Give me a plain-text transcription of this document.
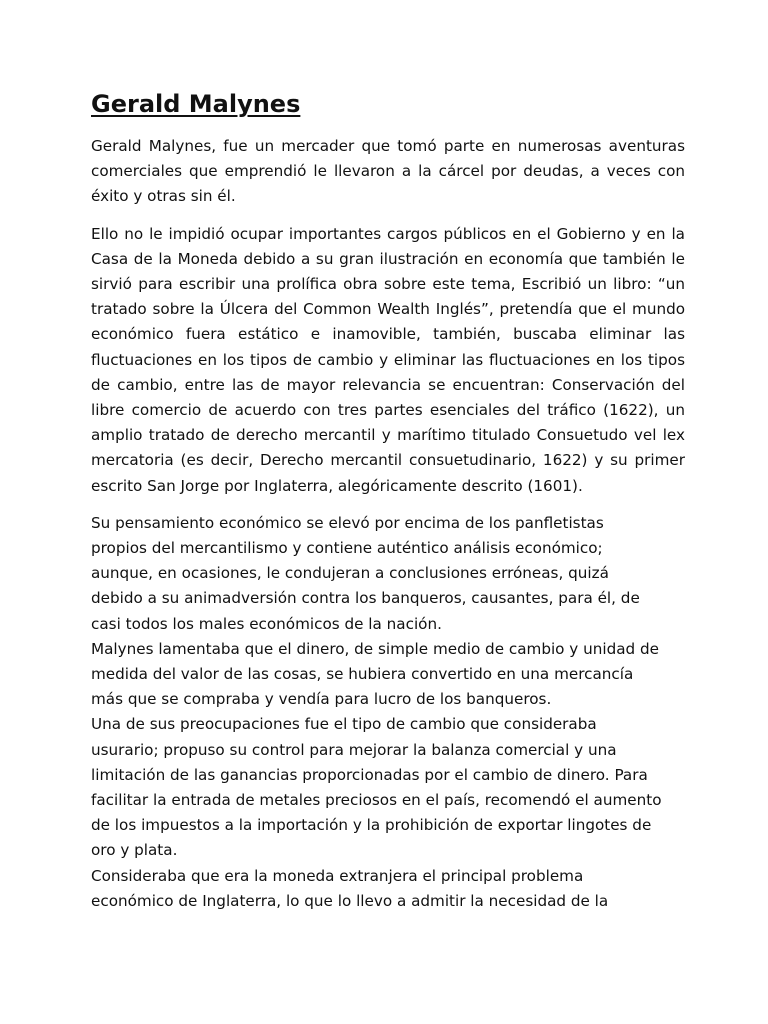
Gerald Malynes

Gerald Malynes, fue un mercader que tomó parte en numerosas aventuras comerciales que emprendió le llevaron a la cárcel por deudas, a veces con éxito y otras sin él.

Ello no le impidió ocupar importantes cargos públicos en el Gobierno y en la Casa de la Moneda debido a su gran ilustración en economía que también le sirvió para escribir una prolífica obra sobre este tema, Escribió un libro: “un tratado sobre la Úlcera del Common Wealth Inglés”, pretendía que el mundo económico fuera estático e inamovible, también, buscaba eliminar las fluctuaciones en los tipos de cambio y eliminar las fluctuaciones en los tipos de cambio, entre las de mayor relevancia se encuentran: Conservación del libre comercio de acuerdo con tres partes esenciales del tráfico (1622), un amplio tratado de derecho mercantil y marítimo titulado Consuetudo vel lex mercatoria (es decir, Derecho mercantil consuetudinario, 1622) y su primer escrito San Jorge por Inglaterra, alegóricamente descrito (1601).

Su pensamiento económico se elevó por encima de los panfletistas
propios del mercantilismo y contiene auténtico análisis económico;
aunque, en ocasiones, le condujeran a conclusiones erróneas, quizá
debido a su animadversión contra los banqueros, causantes, para él, de
casi todos los males económicos de la nación.
Malynes lamentaba que el dinero, de simple medio de cambio y unidad de
medida del valor de las cosas, se hubiera convertido en una mercancía
más que se compraba y vendía para lucro de los banqueros.
Una de sus preocupaciones fue el tipo de cambio que consideraba
usurario; propuso su control para mejorar la balanza comercial y una
limitación de las ganancias proporcionadas por el cambio de dinero. Para
facilitar la entrada de metales preciosos en el país, recomendó el aumento
de los impuestos a la importación y la prohibición de exportar lingotes de
oro y plata.
Consideraba que era la moneda extranjera el principal problema
económico de Inglaterra, lo que lo llevo a admitir la necesidad de la
